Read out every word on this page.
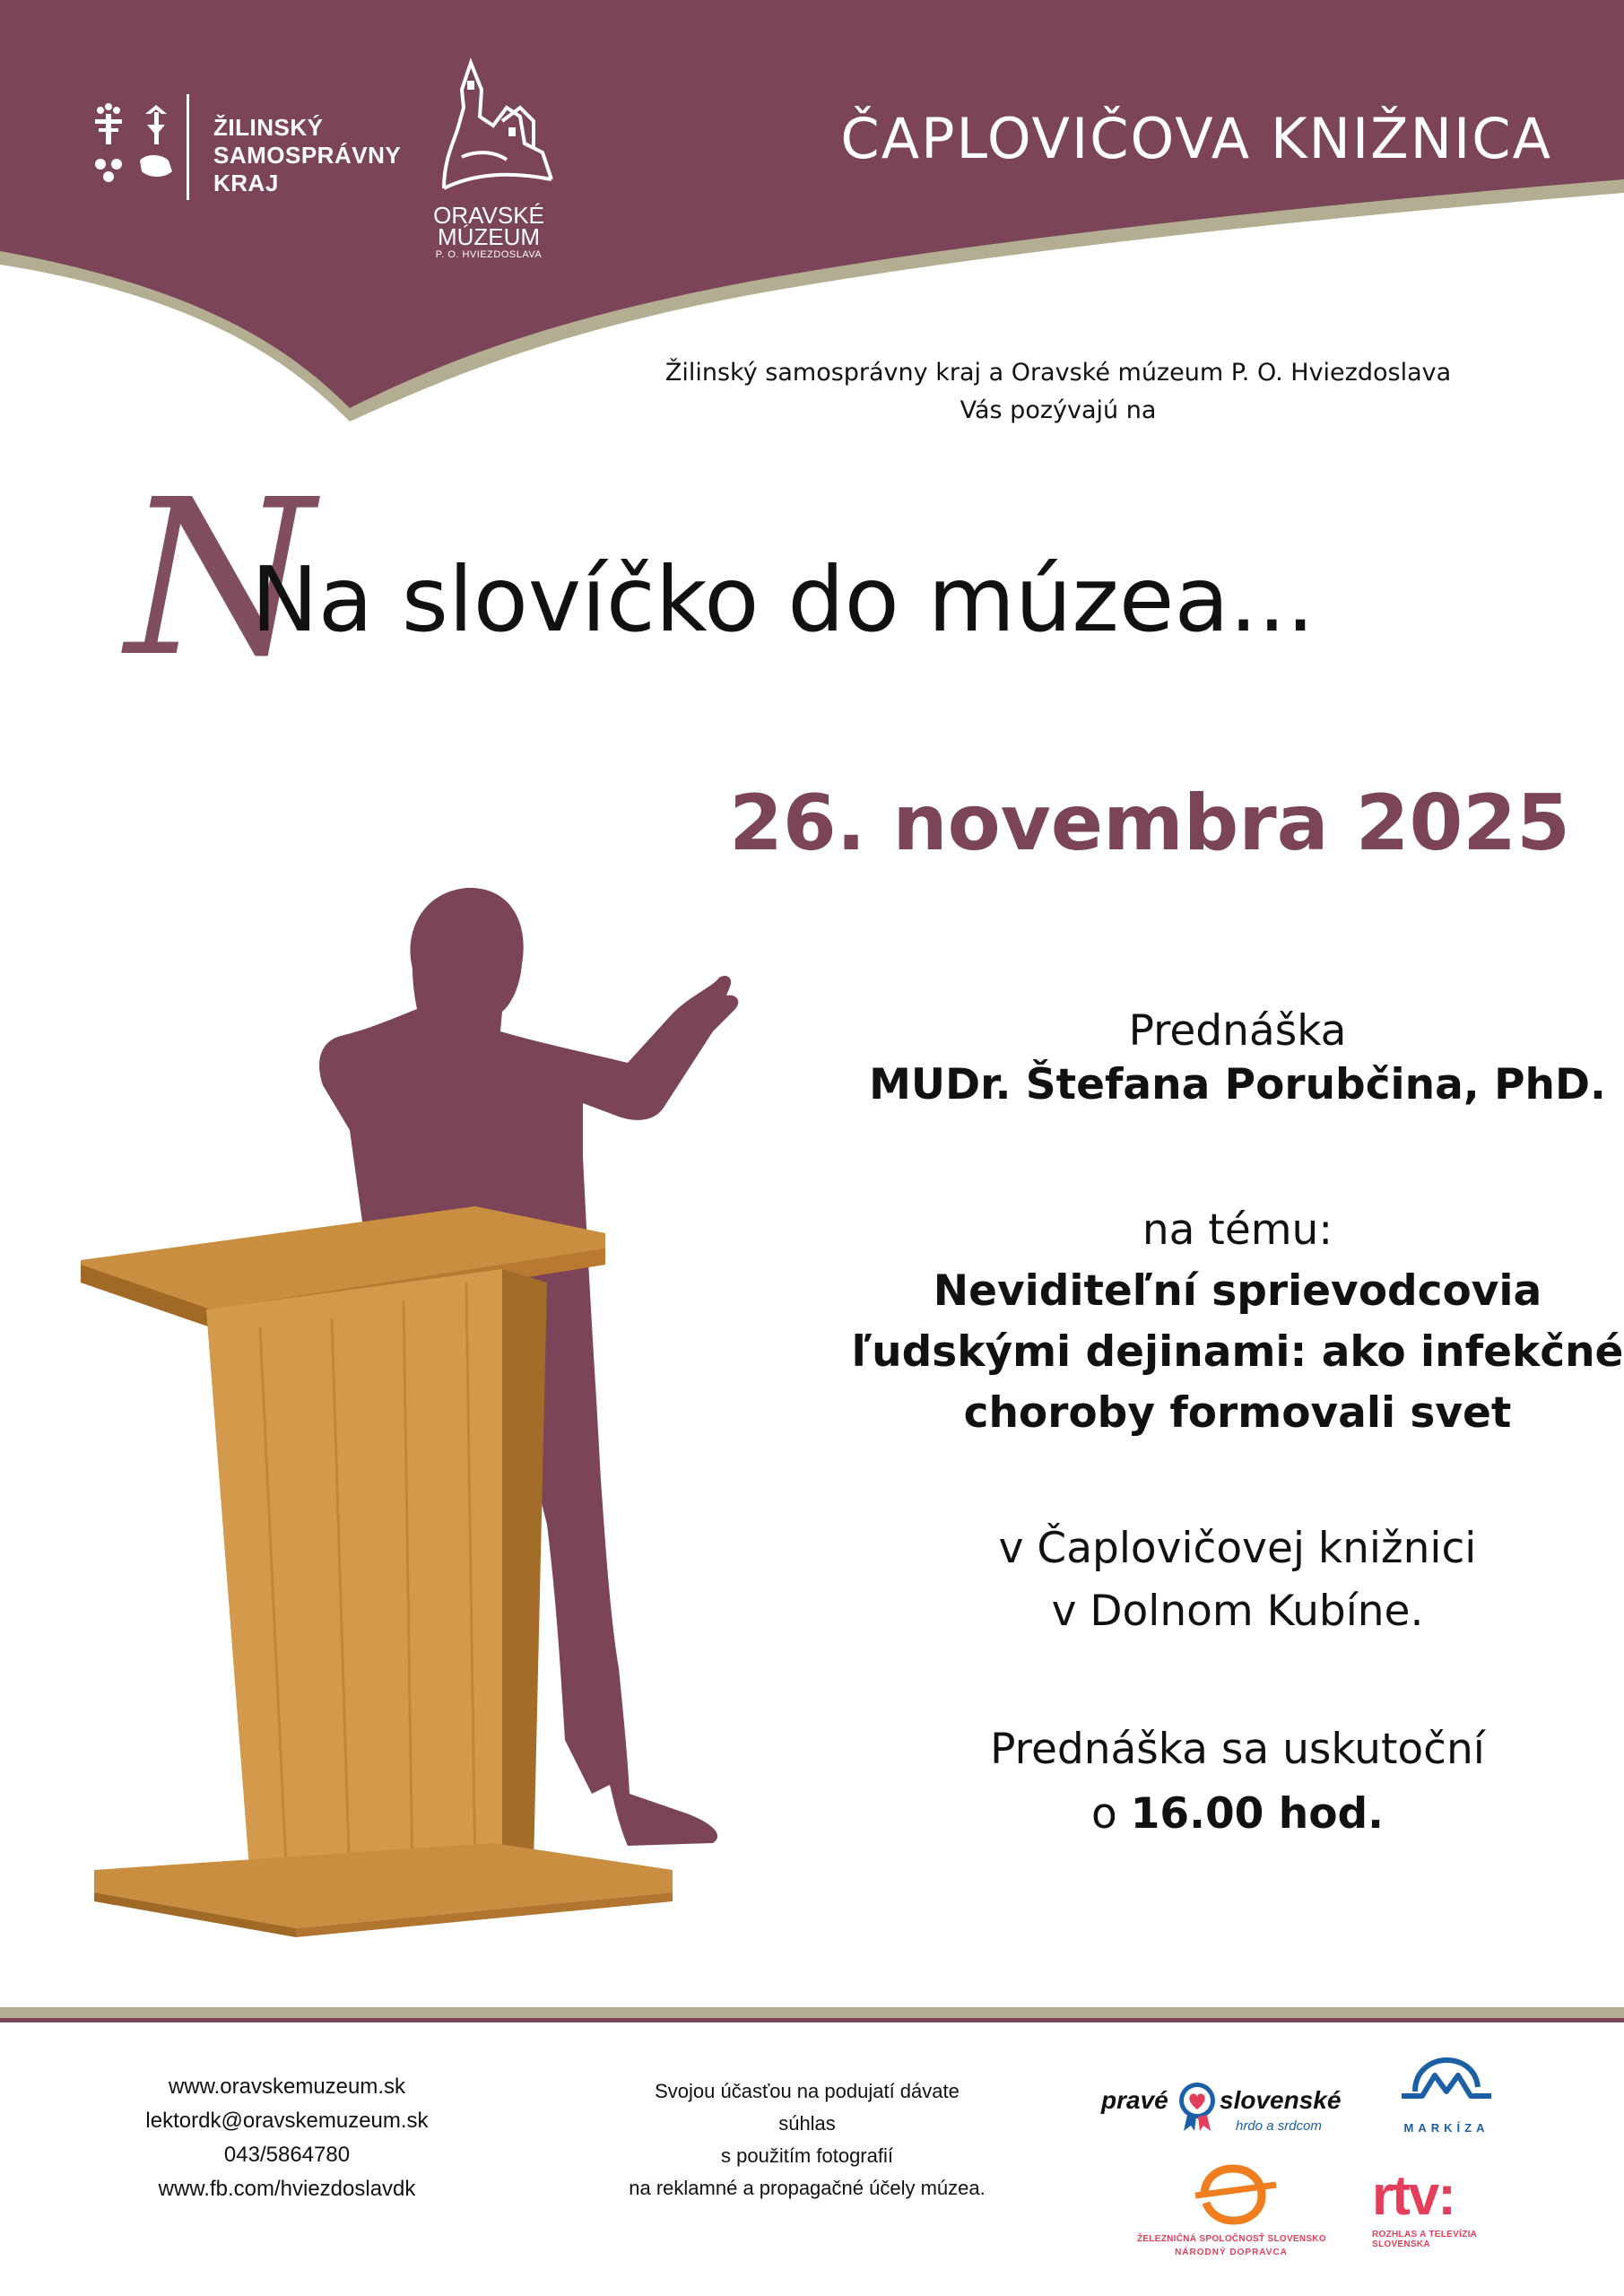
ŽILINSKÝ
SAMOSPRÁVNY
KRAJ
ORAVSKÉ
MÚZEUM
P. O. HVIEZDOSLAVA
ČAPLOVIČOVA KNIŽNICA
Žilinský samosprávny kraj a Oravské múzeum P. O. Hviezdoslava
Vás pozývajú na
N
Na slovíčko do múzea...
26. novembra 2025
Prednáška
MUDr. Štefana Porubčina, PhD.
na tému:
Neviditeľní sprievodcovia
ľudskými dejinami: ako infekčné
choroby formovali svet
v Čaplovičovej knižnici
v Dolnom Kubíne.
Prednáška sa uskutoční
o 16.00 hod.
www.oravskemuzeum.sk
lektordk@oravskemuzeum.sk
043/5864780
www.fb.com/hviezdoslavdk
Svojou účasťou na podujatí dávate
súhlas
s použitím fotografií
na reklamné a propagačné účely múzea.
pravé slovenské
hrdo a srdcom	MARKÍZA
ŽELEZNIČNÁ SPOLOČNOSŤ SLOVENSKO
NÁRODNÝ DOPRAVCA
rtv:
ROZHLAS A TELEVÍZIA
SLOVENSKA
